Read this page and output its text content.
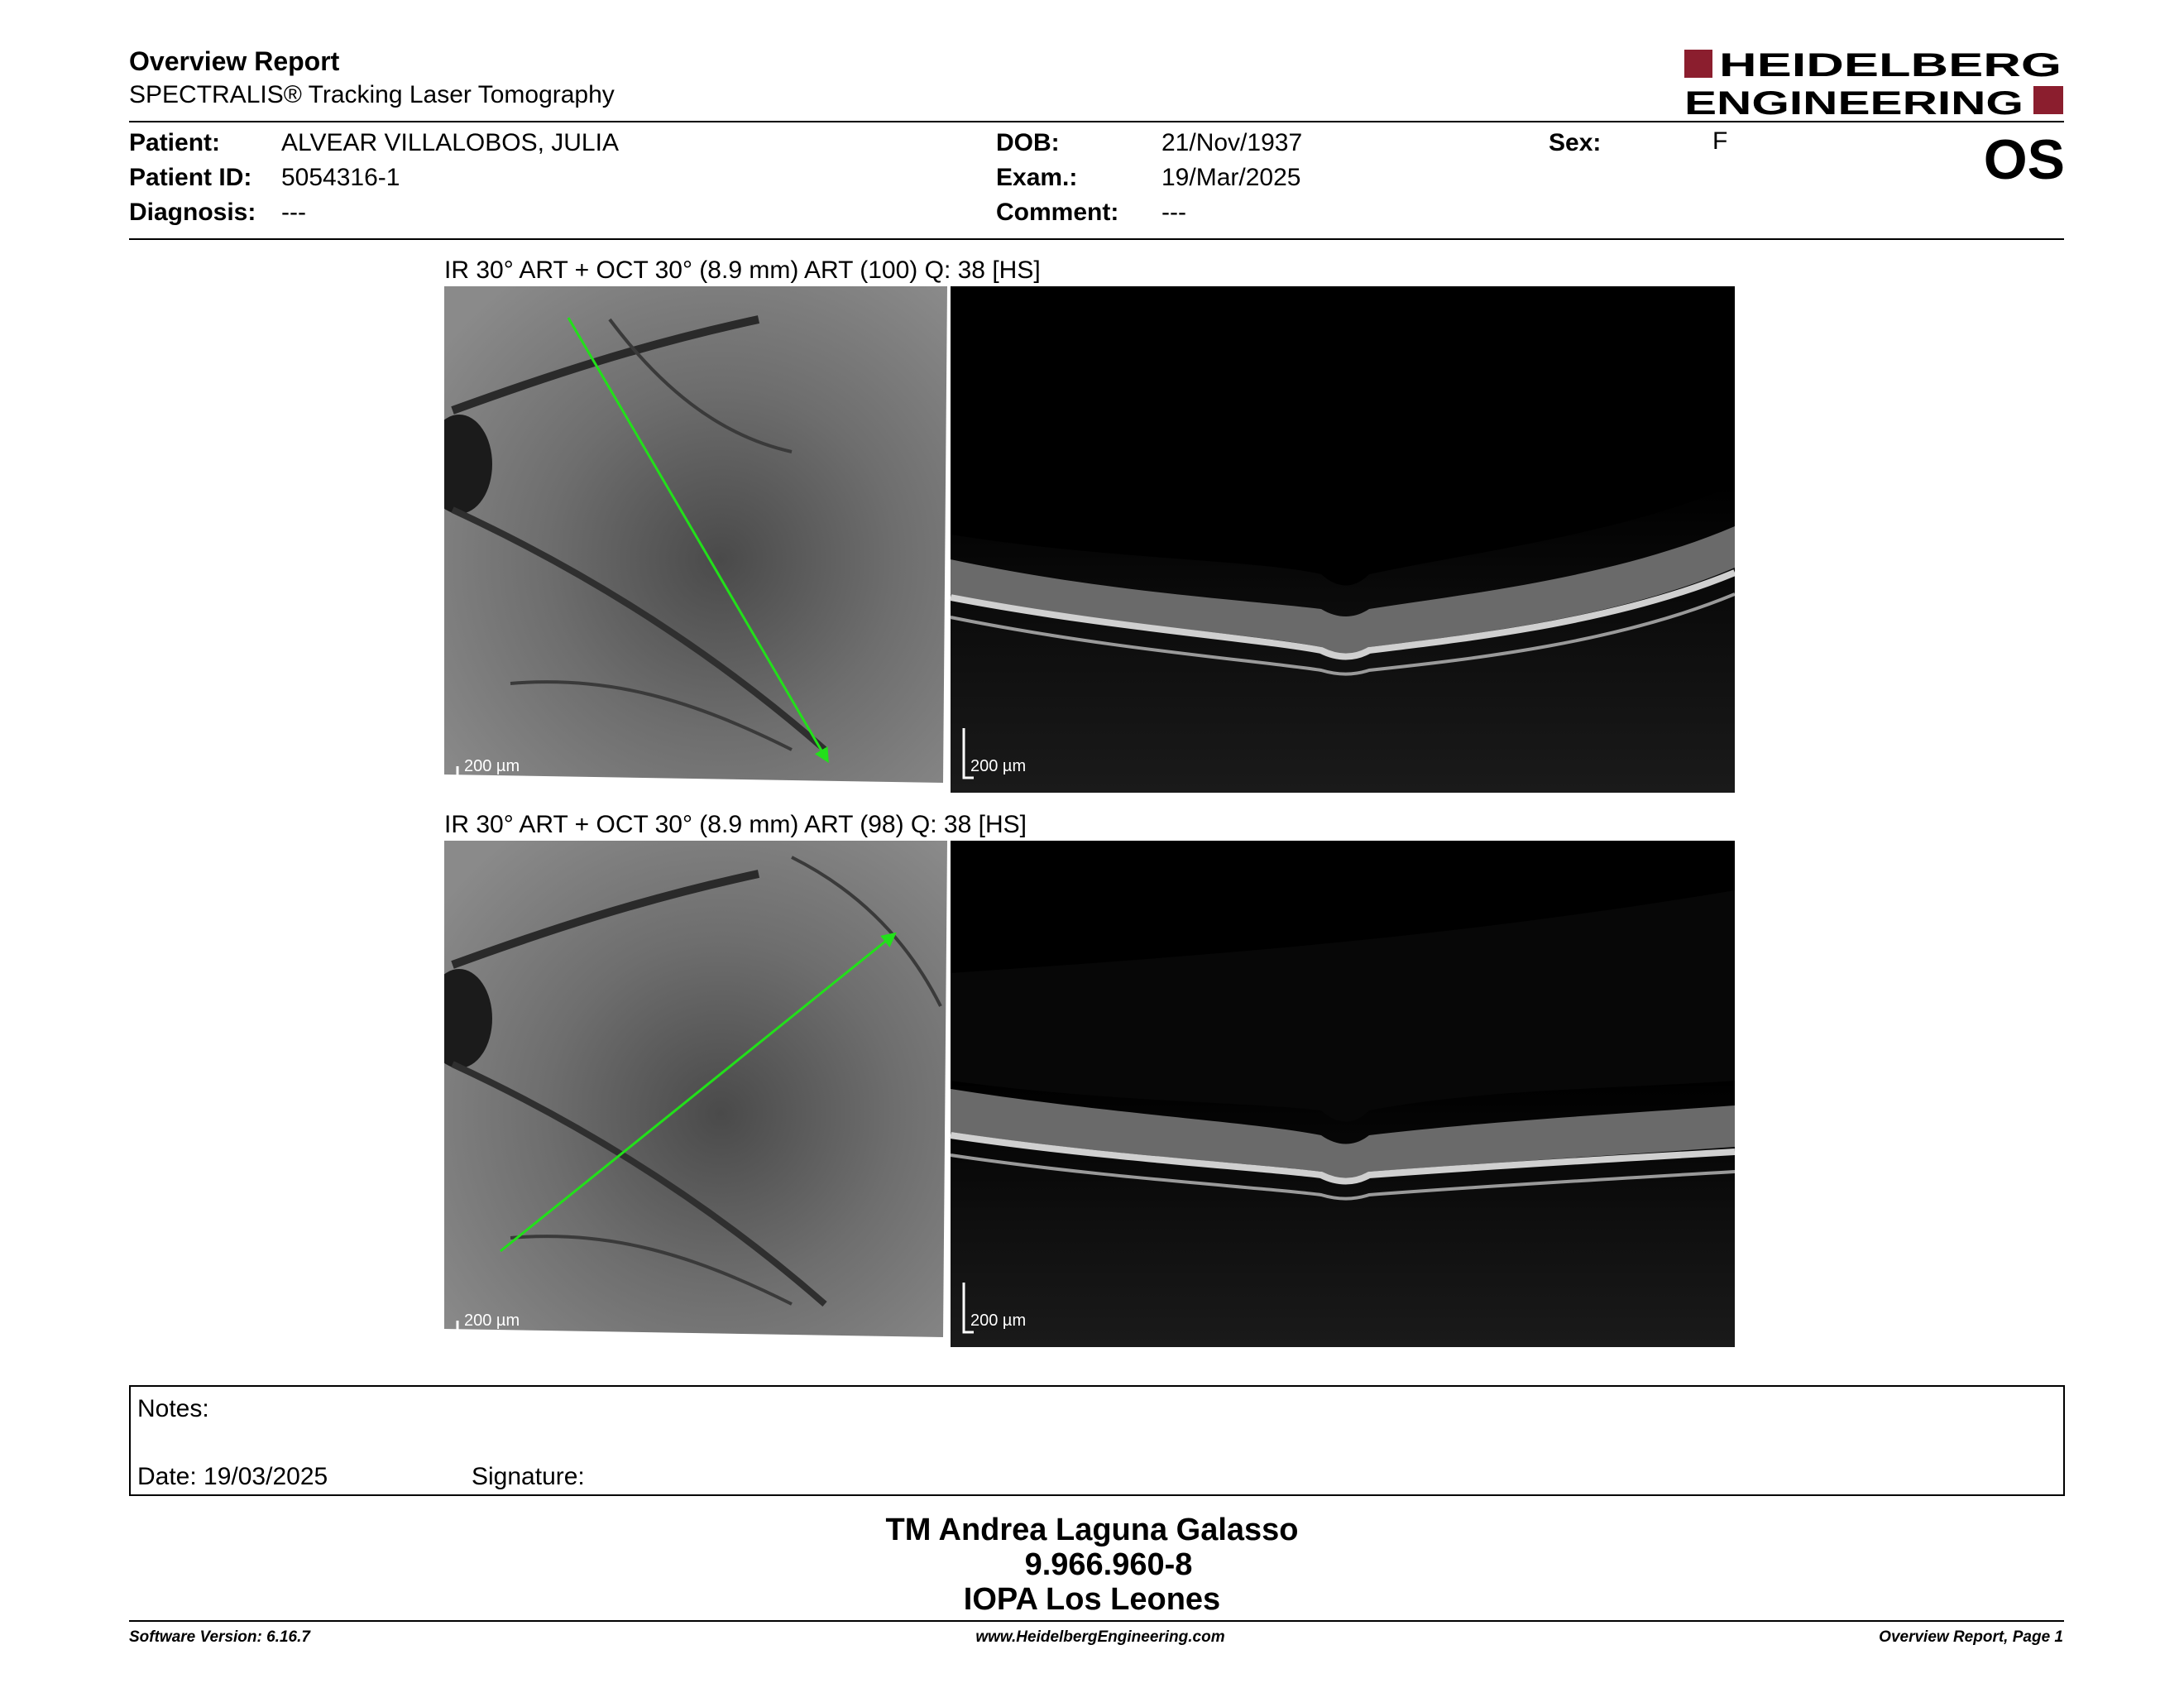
Overview Report
SPECTRALIS® Tracking Laser Tomography
HEIDELBERG
ENGINEERING
Patient: ALVEAR VILLALOBOS, JULIA
Patient ID: 5054316-1
Diagnosis: ---
DOB:	21/Nov/1937
Exam.:	19/Mar/2025
Comment: ---
Sex:	F	OS
IR 30° ART + OCT 30° (8.9 mm) ART (100) Q: 38 [HS]
200 µm	200 µm
IR 30° ART + OCT 30° (8.9 mm) ART (98) Q: 38 [HS]
200 µm	200 µm
Notes:
Date: 19/03/2025	Signature:
TM Andrea Laguna Galasso
9.966.960-8
IOPA Los Leones
Software Version: 6.16.7	www.HeidelbergEngineering.com	Overview Report, Page 1
